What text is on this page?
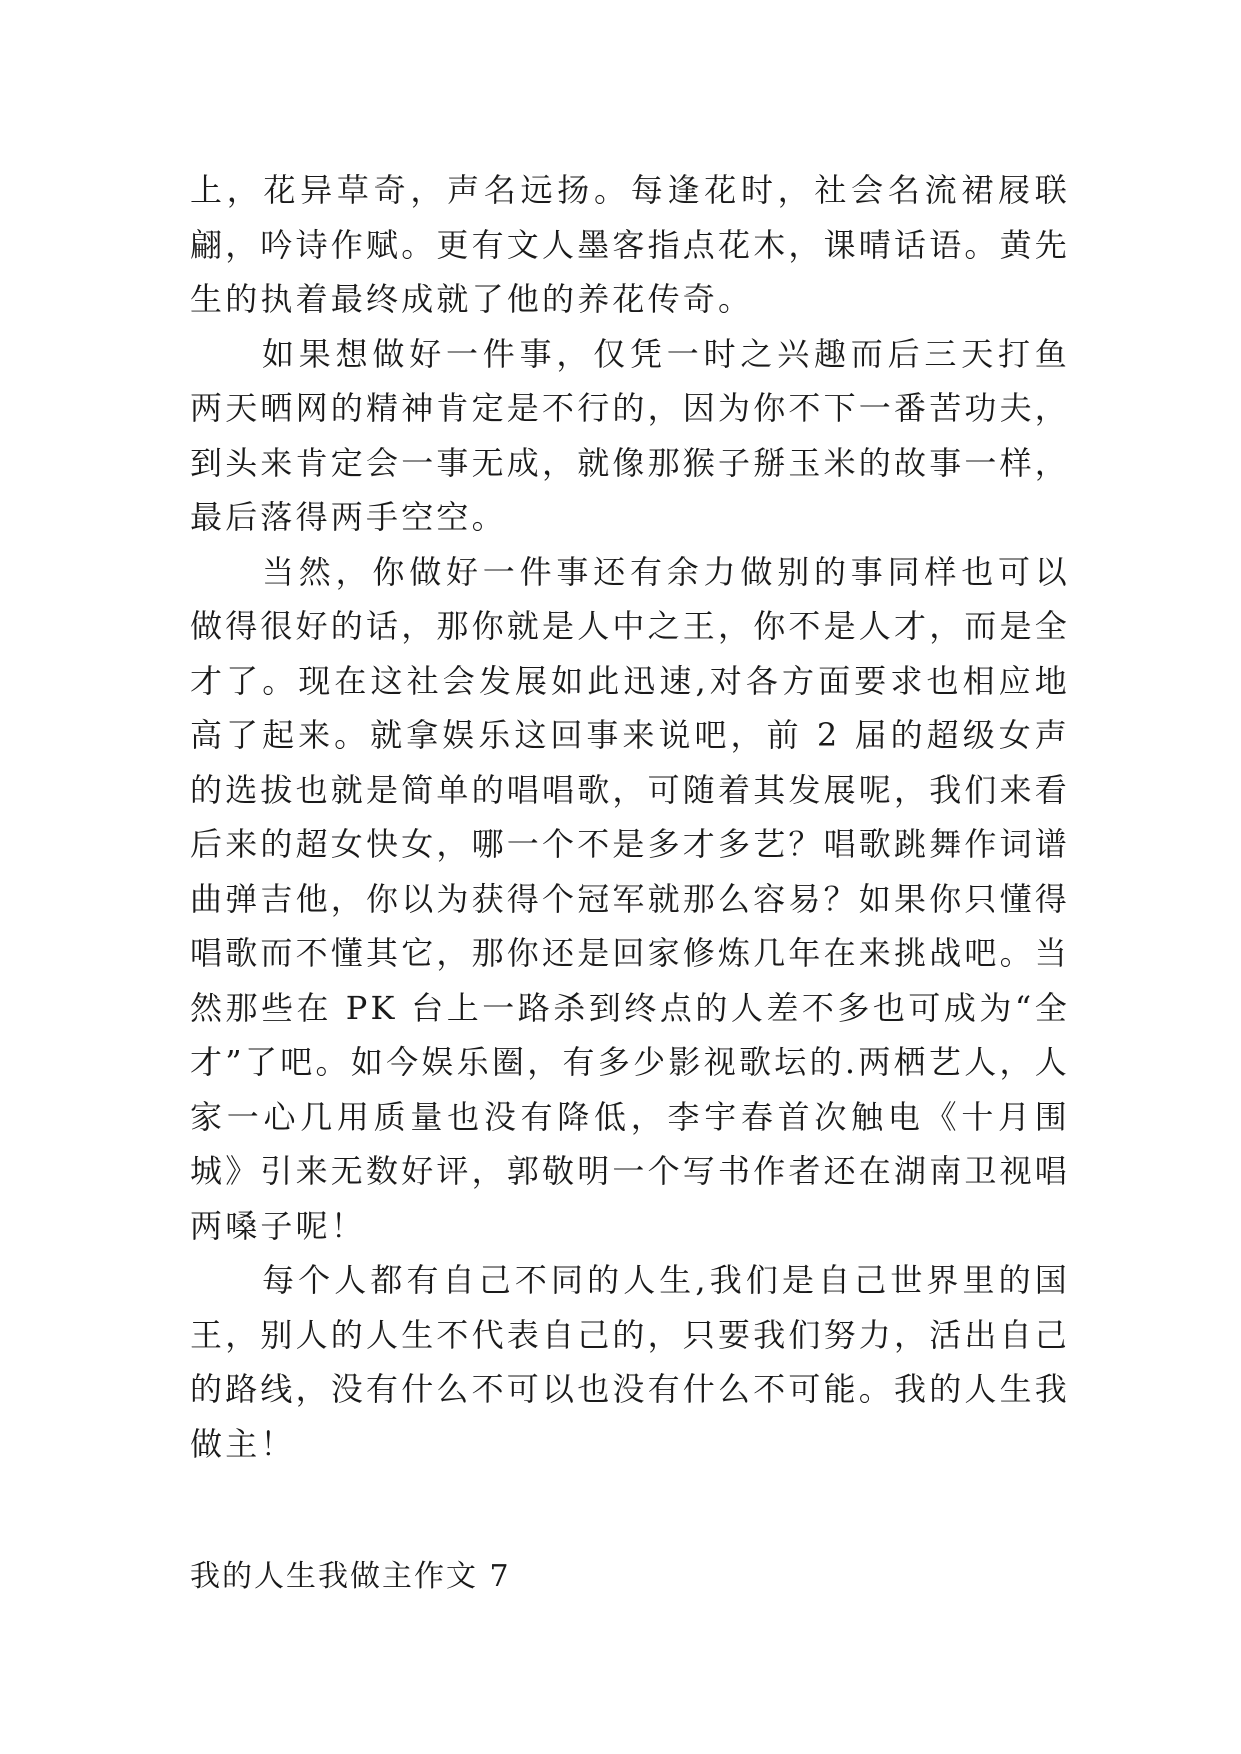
上，花异草奇，声名远扬。每逢花时，社会名流裙屐联翩，吟诗作赋。更有文人墨客指点花木，课晴话语。黄先生的执着最终成就了他的养花传奇。

如果想做好一件事，仅凭一时之兴趣而后三天打鱼两天晒网的精神肯定是不行的，因为你不下一番苦功夫，到头来肯定会一事无成，就像那猴子掰玉米的故事一样，最后落得两手空空。

当然，你做好一件事还有余力做别的事同样也可以做得很好的话，那你就是人中之王，你不是人才，而是全才了。现在这社会发展如此迅速,对各方面要求也相应地高了起来。就拿娱乐这回事来说吧，前 2 届的超级女声的选拔也就是简单的唱唱歌，可随着其发展呢，我们来看后来的超女快女，哪一个不是多才多艺？唱歌跳舞作词谱曲弹吉他，你以为获得个冠军就那么容易？如果你只懂得唱歌而不懂其它，那你还是回家修炼几年在来挑战吧。当然那些在 PK 台上一路杀到终点的人差不多也可成为“全才”了吧。如今娱乐圈，有多少影视歌坛的.两栖艺人，人家一心几用质量也没有降低，李宇春首次触电《十月围城》引来无数好评，郭敬明一个写书作者还在湖南卫视唱两嗓子呢！

每个人都有自己不同的人生,我们是自己世界里的国王，别人的人生不代表自己的，只要我们努力，活出自己的路线，没有什么不可以也没有什么不可能。我的人生我做主！

我的人生我做主作文 7
